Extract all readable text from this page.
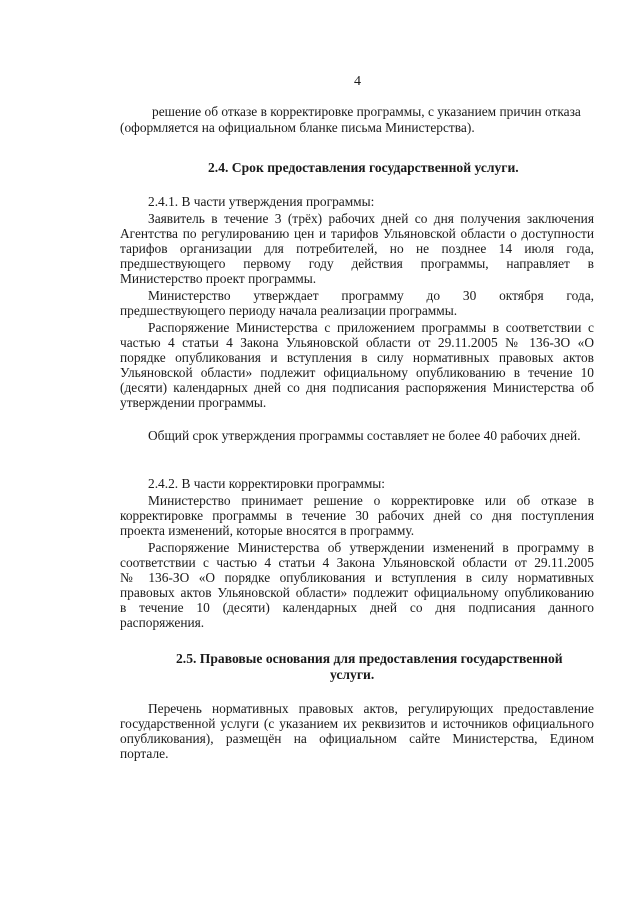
4

решение об отказе в корректировке программы, с указанием причин отказа

(оформляется на официальном бланке письма Министерства).

2.4. Срок предоставления государственной услуги.

2.4.1. В части утверждения программы:

Заявитель в течение 3 (трёх) рабочих дней со дня получения заключения

Агентства по регулированию цен и тарифов Ульяновской области о доступности

тарифов организации для потребителей, но не позднее 14 июля года,

предшествующего первому году действия программы, направляет в

Министерство проект программы.

Министерство утверждает программу до 30 октября года,

предшествующего периоду начала реализации программы.

Распоряжение Министерства с приложением программы в соответствии с

частью 4 статьи 4 Закона Ульяновской области от 29.11.2005 № 136-ЗО «О

порядке опубликования и вступления в силу нормативных правовых актов

Ульяновской области» подлежит официальному опубликованию в течение 10

(десяти) календарных дней со дня подписания распоряжения Министерства об

утверждении программы.

Общий срок утверждения программы составляет не более 40 рабочих дней.

2.4.2. В части корректировки программы:

Министерство принимает решение о корректировке или об отказе в

корректировке программы в течение 30 рабочих дней со дня поступления

проекта изменений, которые вносятся в программу.

Распоряжение Министерства об утверждении изменений в программу в

соответствии с частью 4 статьи 4 Закона Ульяновской области от 29.11.2005

№ 136-ЗО «О порядке опубликования и вступления в силу нормативных

правовых актов Ульяновской области» подлежит официальному опубликованию

в течение 10 (десяти) календарных дней со дня подписания данного

распоряжения.

2.5. Правовые основания для предоставления государственной

услуги.

Перечень нормативных правовых актов, регулирующих предоставление

государственной услуги (с указанием их реквизитов и источников официального

опубликования), размещён на официальном сайте Министерства, Едином

портале.
